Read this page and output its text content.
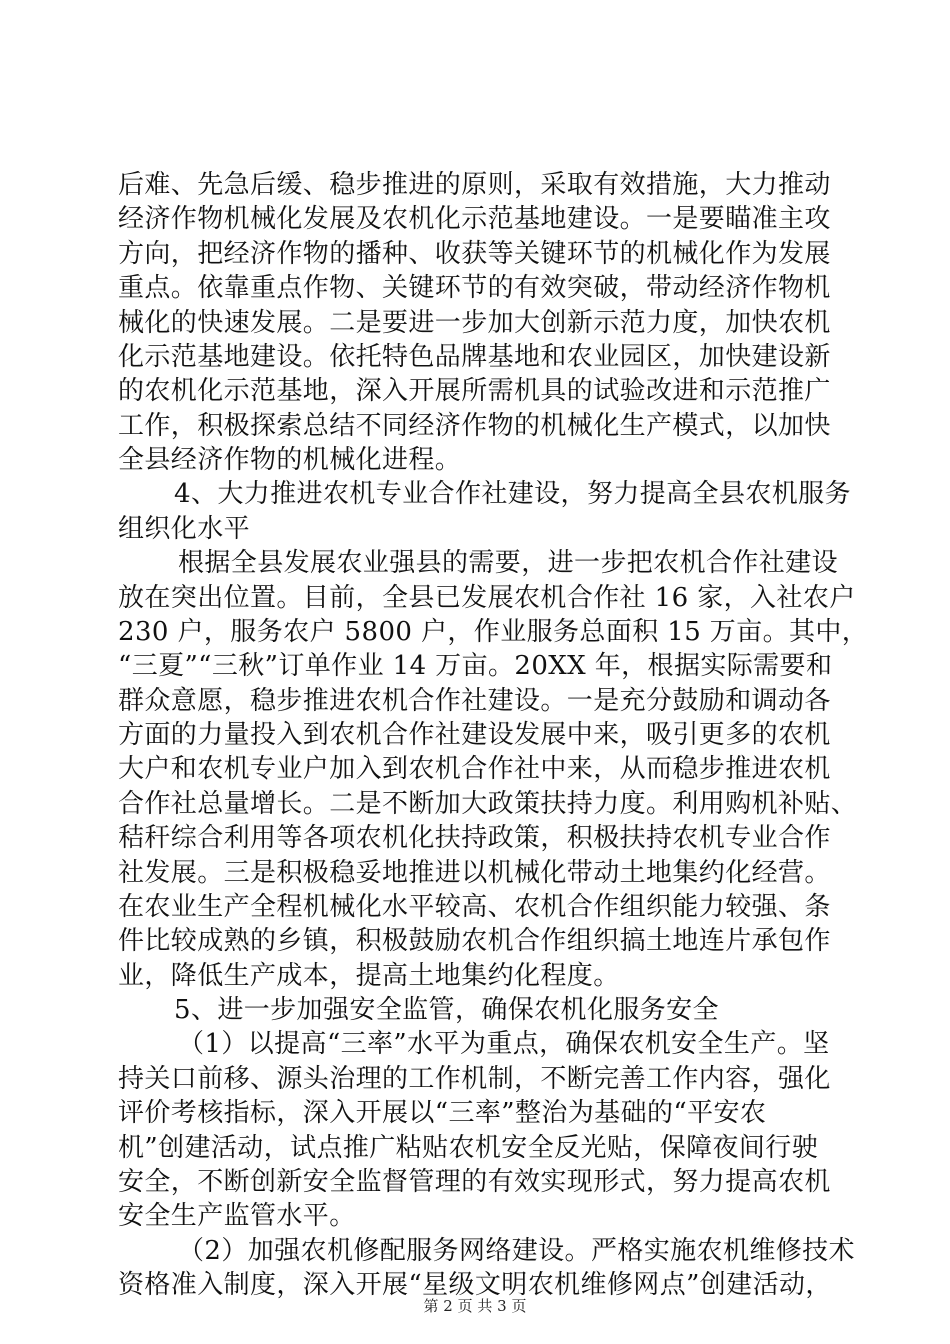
后难、先急后缓、稳步推进的原则，采取有效措施，大力推动
经济作物机械化发展及农机化示范基地建设。一是要瞄准主攻
方向，把经济作物的播种、收获等关键环节的机械化作为发展
重点。依靠重点作物、关键环节的有效突破，带动经济作物机
械化的快速发展。二是要进一步加大创新示范力度，加快农机
化示范基地建设。依托特色品牌基地和农业园区，加快建设新
的农机化示范基地，深入开展所需机具的试验改进和示范推广
工作，积极探索总结不同经济作物的机械化生产模式，以加快
全县经济作物的机械化进程。
4、大力推进农机专业合作社建设，努力提高全县农机服务
组织化水平
根据全县发展农业强县的需要，进一步把农机合作社建设
放在突出位置。目前，全县已发展农机合作社 16 家，入社农户
230 户，服务农户 5800 户，作业服务总面积 15 万亩。其中，
“三夏”“三秋”订单作业 14 万亩。20XX 年，根据实际需要和
群众意愿，稳步推进农机合作社建设。一是充分鼓励和调动各
方面的力量投入到农机合作社建设发展中来，吸引更多的农机
大户和农机专业户加入到农机合作社中来，从而稳步推进农机
合作社总量增长。二是不断加大政策扶持力度。利用购机补贴、
秸秆综合利用等各项农机化扶持政策，积极扶持农机专业合作
社发展。三是积极稳妥地推进以机械化带动土地集约化经营。
在农业生产全程机械化水平较高、农机合作组织能力较强、条
件比较成熟的乡镇，积极鼓励农机合作组织搞土地连片承包作
业，降低生产成本，提高土地集约化程度。
5、进一步加强安全监管，确保农机化服务安全
（1）以提高“三率”水平为重点，确保农机安全生产。坚
持关口前移、源头治理的工作机制，不断完善工作内容，强化
评价考核指标，深入开展以“三率”整治为基础的“平安农
机”创建活动，试点推广粘贴农机安全反光贴，保障夜间行驶
安全，不断创新安全监督管理的有效实现形式，努力提高农机
安全生产监管水平。
（2）加强农机修配服务网络建设。严格实施农机维修技术
资格准入制度，深入开展“星级文明农机维修网点”创建活动，
第 2 页 共 3 页
